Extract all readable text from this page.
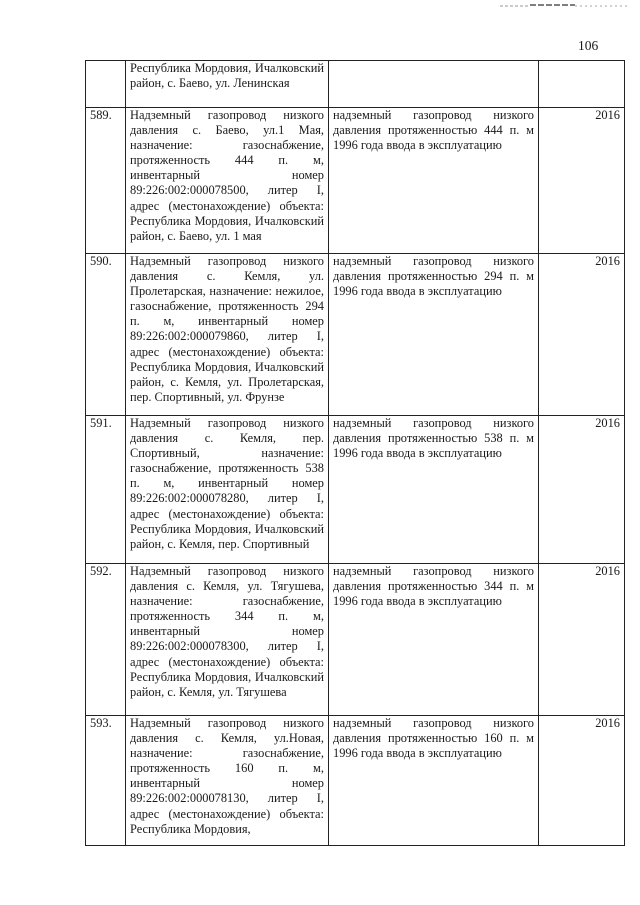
106
	Республика Мордовия, Ичалковский район, с. Баево, ул. Ленинская		
589.	Надземный газопровод низкого давления с. Баево, ул.1 Мая, назначение: газоснабжение, протяженность 444 п. м, инвентарный номер 89:226:002:000078500, литер I, адрес (местонахождение) объекта: Республика Мордовия, Ичалковский район, с. Баево, ул. 1 мая	надземный газопровод низкого давления протяженностью 444 п. м 1996 года ввода в эксплуатацию	2016
590.	Надземный газопровод низкого давления с. Кемля, ул. Пролетарская, назначение: нежилое, газоснабжение, протяженность 294 п. м, инвентарный номер 89:226:002:000079860, литер I, адрес (местонахождение) объекта: Республика Мордовия, Ичалковский район, с. Кемля, ул. Пролетарская, пер. Спортивный, ул. Фрунзе	надземный газопровод низкого давления протяженностью 294 п. м 1996 года ввода в эксплуатацию	2016
591.	Надземный газопровод низкого давления с. Кемля, пер. Спортивный, назначение: газоснабжение, протяженность 538 п. м, инвентарный номер 89:226:002:000078280, литер I, адрес (местонахождение) объекта: Республика Мордовия, Ичалковский район, с. Кемля, пер. Спортивный	надземный газопровод низкого давления протяженностью 538 п. м 1996 года ввода в эксплуатацию	2016
592.	Надземный газопровод низкого давления с. Кемля, ул. Тягушева, назначение: газоснабжение, протяженность 344 п. м, инвентарный номер 89:226:002:000078300, литер I, адрес (местонахождение) объекта: Республика Мордовия, Ичалковский район, с. Кемля, ул. Тягушева	надземный газопровод низкого давления протяженностью 344 п. м 1996 года ввода в эксплуатацию	2016
593.	Надземный газопровод низкого давления с. Кемля, ул.Новая, назначение: газоснабжение, протяженность 160 п. м, инвентарный номер 89:226:002:000078130, литер I, адрес (местонахождение) объекта: Республика Мордовия,	надземный газопровод низкого давления протяженностью 160 п. м 1996 года ввода в эксплуатацию	2016
